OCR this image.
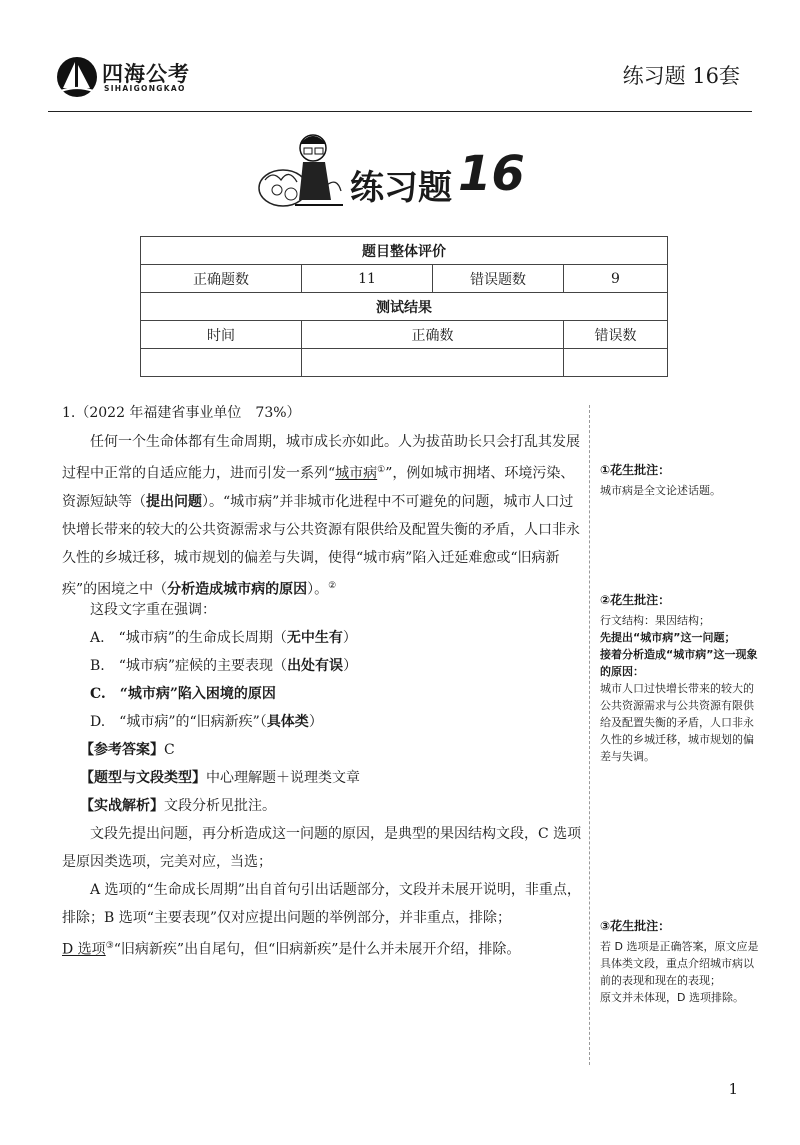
四海公考
SIHAIGONGKAO
练习题 16套
练习题 16
题目整体评价			
正确题数	11	错误题数	9
测试结果			
时间	正确数		错误数

1.（2022 年福建省事业单位　73%）

任何一个生命体都有生命周期，城市成长亦如此。人为拔苗助长只会打乱其发展过程中正常的自适应能力，进而引发一系列“城市病①”，例如城市拥堵、环境污染、资源短缺等（提出问题）。“城市病”并非城市化进程中不可避免的问题，城市人口过快增长带来的较大的公共资源需求与公共资源有限供给及配置失衡的矛盾，人口非永久性的乡城迁移，城市规划的偏差与失调，使得“城市病”陷入迁延难愈或“旧病新疾”的困境之中（分析造成城市病的原因）。②

这段文字重在强调：

A.　“城市病”的生命成长周期（无中生有）
B.　“城市病”症候的主要表现（出处有误）
C.　“城市病”陷入困境的原因
D.　“城市病”的“旧病新疾”（具体类）
【参考答案】C
【题型与文段类型】中心理解题＋说理类文章
【实战解析】文段分析见批注。

文段先提出问题，再分析造成这一问题的原因，是典型的果因结构文段，C 选项是原因类选项，完美对应，当选；

A 选项的“生命成长周期”出自首句引出话题部分，文段并未展开说明，非重点，排除；B 选项“主要表现”仅对应提出问题的举例部分，并非重点，排除；

D 选项③“旧病新疾”出自尾句，但“旧病新疾”是什么并未展开介绍，排除。

①花生批注：
城市病是全文论述话题。
②花生批注：
行文结构：果因结构；
先提出“城市病”这一问题；
接着分析造成“城市病”这一现象的原因：
城市人口过快增长带来的较大的公共资源需求与公共资源有限供给及配置失衡的矛盾，人口非永久性的乡城迁移，城市规划的偏差与失调。
③花生批注：
若 D 选项是正确答案，原文应是具体类文段，重点介绍城市病以前的表现和现在的表现；
原文并未体现，D 选项排除。
1
